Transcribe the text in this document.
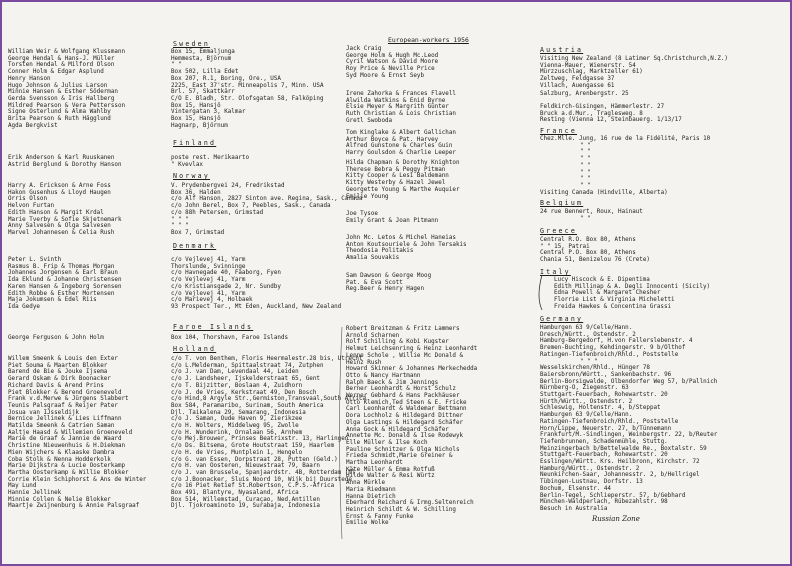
European-workers 1956
Sweden
William Weir & Wolfgang Klussmann
George Hendal & Hans-J. Müller
Torsten Hendal & Milford Olson
Conner Holm & Edgar Asplund
Henry Hanson
Hugo Johnson & Julius Larson
Minnie Hansen & Esther Söderman
Gerda Svensson & Iris Hallberg
Mildred Pearson & Vera Pettersson
Signe Osterlund & Alma Wahlby
Brita Pearson & Ruth Hägglund
Agda Bergkvist
Finland
Erik Anderson & Karl Ruuskanen
Astrid Berglund & Dorothy Hanson
Norway
Harry A. Erickson & Arne Foss
Hakon Gusenhus & Lloyd Haugen
Orris Olson
Helvon Furtan
Edith Hanson & Margit Krdal
Marie Tverby & Sofie Skjetnemark
Anny Salvesen & Olga Salvesen
Marvel Johannesen & Celia Rush
Denmark
Peter L. Svinth
Rasmus B. Frip & Thomas Morgan
Johannes Jorgensen & Earl Braun
Ida Eklund & Johanne Christensen
Karen Hansen & Ingeborg Sorensen
Edith Robbe & Esther Mortensen
Maja Jokumsen & Edel Riis
Ida Gedye
Faroe Islands
George Ferguson & John Holm
Holland
Willem Smeenk & Louis den Exter
Piet Souma & Maarten Blokker
Barend de Bie & Jouke Ijsema
Gerard Oskam & Dirk Boonacker
Richard Davis & Arend Prins
Piet Blokker & Berend Groeneveld
Frank v.d.Merwe & Jürgens Slabbert
Teunis Palsgraaf & Reijer Pater
Josua van IJsseldijk
Bernice Jellinek & Lies Liffmann
Matilda Smeenk & Catrien Saman
Aaltje Haasd & Willemien Groeneveld
Marie de Graaf & Jannie de Waard
Christine Nieuwenhuis & H.Diekman
Mien Wijchers & Klaaske Dambra
Coba Stolk & Nenna Hodderkolk
Marie Dijkstra & Lucie Oosterkamp
Martha Oosterkamp & Willie Blokker
Corrie Klein Schiphorst & Ans de Winter
May Lund
Hannie Jellinek
Minnie Collen & Nelie Blokker
Maartje Zwijnenburg & Annie Palsgraaf
Box 15, Emmaljunga
Hemmesta, Björnum
" "
Box 502, Lilla Edet
Box 207, R.1, Boring, Ore., USA
2225, East 37'str. Minneapolis 7, Minn. USA
Brl. 57, Skattkärr
C/O E. Bladh, Str. Olofsgatan 58, Falköping
Box 15, Hansjö
Vintergatan 3, Kalmar
Box 15, Hansjö
Hagnarp, Björnum
poste rest. Merikaarto
" Kvevlax
V. Prydenbergvei 24, Fredrikstad
Box 36, Halden
c/o Alf Hanson, 2827 Sinton ave. Regina, Sask., Canada
c/o John Berel, Box 7, Peebles, Sask., Canada
c/o 88h Petersen, Grimstad
" " "
" " "
Box 7, Grimstad
c/o Vejlevej 41, Yarm
Thorslunde, Svinninge
c/o Havnegade 40, Faaborg, Fyen
c/o Vejlevej 41, Yarm
c/o Kristiansgade 2, Nr. Sundby
c/o Vejlevej 41, Yarm
c/o Marievej 4, Holbaek
93 Prospect Ter., Mt Eden, Auckland, New Zealand
Box 104, Thorshavn, Faroe Islands
c/o T. von Benthem, Floris Heermalestr.28 bis, Utrecht
c/o L.Melderman, Spittaalstraat 74, Zutphen
c/o J. van Dam, Levendaal 44, Leiden
c/o J. Landsheer, Ijskelderstraat 65, Gent
c/o T. Bijzitter, Boslaan 4, Zuidhorn
c/o J. de Vries, Kerkstraat 49, Den Bosch
c/o Hind,8 Argyle Str.,Germiston,Transvaal,South Africa
Box 584, Paramaribo, Surinam, South America
Djl. Taikalena 29, Semarang, Indonesia
c/o J. Saman, Oude Haven 9, Zierikzee
c/o H. Wolters, Middelweg 95, Zwolle
c/o H. Wunderink, Ornalaan 56, Arnhem
c/o Mej.Brouwer, Prinses Beatrixstr. 13, Harlingen
c/o Ds. Bitsema, Grote Houtstraat 159, Haarlem
c/o H. de Vries, Muntplein 1, Hengelo
c/o G. van Essen, Dorpstraat 28, Putten (Geld.)
c/o H. van Oosteren, Nieuwstraat 79, Baarn
c/o J. van Brussele, Spanjaardstr. 4B, Rotterdam (N)
c/o J.Boonacker, Sluis Noord 10, Wijk bij Duurstede
c/o 16 Piet Retief St.Robertson, C.P.S.-Africa
Box 491, Blantyre, Nyasaland, Africa
Box 514, Willemstad, Curaçao, Ned.Antillen
Djl. Tjokroaminoto 19, Surabaja, Indonesia
Jack Craig
George Holm & Hugh Mc.Leod
Cyril Watson & David Moore
Roy Price & Neville Price
Syd Moore & Ernst Seyb
Irene Zahorka & Frances Flavell
Alwilda Watkins & Enid Byrne
Elsie Meyer & Margrith Günter
Ruth Christian & Lois Christian
Gretl Swoboda
Tom Kinglake & Albert Gallichan
Arthur Boyce & Pat. Harvey
Alfred Gunstone & Charles Guin
Harry Goulsdon & Charlie Leeper
Hilda Chapman & Dorothy Knighton
Therese Bebra & Peggy Pitman
Kitty Cooper & Lesi Baldemann
Kitty Westerby & Hazel Jewel
Georgette Young & Marthe Auquier
Emilie Young
Joe Tysoe
Emily Grant & Joan Pitmann
John Mc. Letos & Michel Haneias
Anton Koutsouriele & John Tersakis
Theodosia Politakis
Amalia Souvakis
Sam Dawson & George Moog
Pat. & Eva Scott
Reg.Beer & Henry Hagen
Robert Breitzman & Fritz Lammers
Arnold Scharnen
Rolf Schilling & Kobi Kugster
Helmut Leichsenring & Heinz Leonhardt
Lenne Schole , Willie Mc Donald &
Heinz Rush
Howard Skinner & Johannes Merkechedda
Otto & Nancy Hartmann
Ralph Baeck & Jim Jennings
Berner Leonhardt & Horst Schulz
Werner Gebhard & Hans Packhäuser
Otto Klemich,Ted Steen & E. Fricke
Carl Leonhardt & Waldemar Bettmann
Dora Lochholz & Hildegard Dittner
Olga Lastings & Hildegard Schäfer
Anna Gock & Hildegard Schäfer
Annette Mc. Donald & Ilse Rodewyk
Elle Müller & Ilse Koch
Pauline Schnitzer & Olga Nichols
Frieda Schmidt,Marie Greiner &
Martha Leonhardt
Käte Müller & Emma Rotfuß
Hilde Walter & Resi Würtz
Anna Mürkle
Maria Riedmann
Hanna Dietrich
Eberhard Reichard & Irmg.Seltenreich
Heinrich Schildt & W. Schilling
Ernst & Fanny Funke
Emilie Wolke
Austria
Visiting New Zealand (8 Latimer Sq.Christchurch,N.Z.)
Vienna-Mauer, Wienerstr. 54
Mürzzuschlag, Marktzeller 61)
Zeltweg, Feldgasse 37
Villach, Auengasse 61
Salzburg, Arenbergstr. 25
Feldkirch-Gisingen, Hämmerlestr. 27
Bruck a.d.Mur., Traglesweg. 8
Resting (Vienna 12, Steinbauerg. 1/13/17
France
Chez.Mlle. Jung, 16 rue de la Fidélité, Paris 10
" "
" "
" "
" "
" "
" "
" "
Visiting Canada (Hindville, Alberta)
Belgium
24 rue Bennert, Roux, Hainaut
" "
Greece
Central R.O. Box 80, Athens
" " 15, Patrai
Central P.O. Box 80, Athens
Chania 51, Benizelou 76 (Crete)
Italy
Lucy Hiscock & E. Dipentima
Edith Millinap & A. Degli Innocenti (Sicily)
Edna Powell & Margaret Chesher
Florrie List & Virginia Micheletti
Freida Hawkes & Concentina Grassi
Germany
Hamburgen 63 9/Celle/Hann.
Dresch/Württ., Ostendstr. 2
Hamburg-Bergedorf, H.von Fallerslebenstr. 4
Bremen-Buchting, Kehdingerstr. 9 b/Olthof
Ratingen-Tiefenbroich/Rhld., Poststelle
" " "
Wesselskirchen/Rhld., Hünger 78
Baiersbronn/Württ., Sankenbachstr. 96
Berlin-Borsigwalde, Olbendorfer Weg 57, b/Pallnich
Nürnberg-O, Ziegenstr. 63
Stuttgart-Feuerbach, Rohewartstr. 20
Hürth/Württ., Ostendstr. 2
Schleswig, Holtenstr. 4, b/Steppat
Hamburgen 63 9/Celle/Hann.
Ratingen-Tiefenbroich/Rhld., Poststelle
Horn/Lippe, Neuerstr. 27, b/Tünnemann
Frankfurt/M.-Sindlingen, Weinbergstr. 22, b/Reuter
Tiefenbrunnen, Schadenmühle, Stuttg.
Meinzingerbach b/Bettelwalde Re., Boxtalstr. 59
Stuttgart-Feuerbach, Rohewartstr. 20
Esslingen/Württ. Krs. Heilbronn, Kirchstr. 72
Hamburg/Württ., Ostendstr. 2
Neunkirchen-Saar, Johannesstr. 2, b/Hellrigel
Tübingen-Lustnau, Dorfstr. 13
Bochum, Elsenstr. 44
Berlin-Tegel, Schlieperstr. 57, b/Gebhard
München-Waldperlach, Rübezahlstr. 98
Besuch in Australia
Russian Zone
